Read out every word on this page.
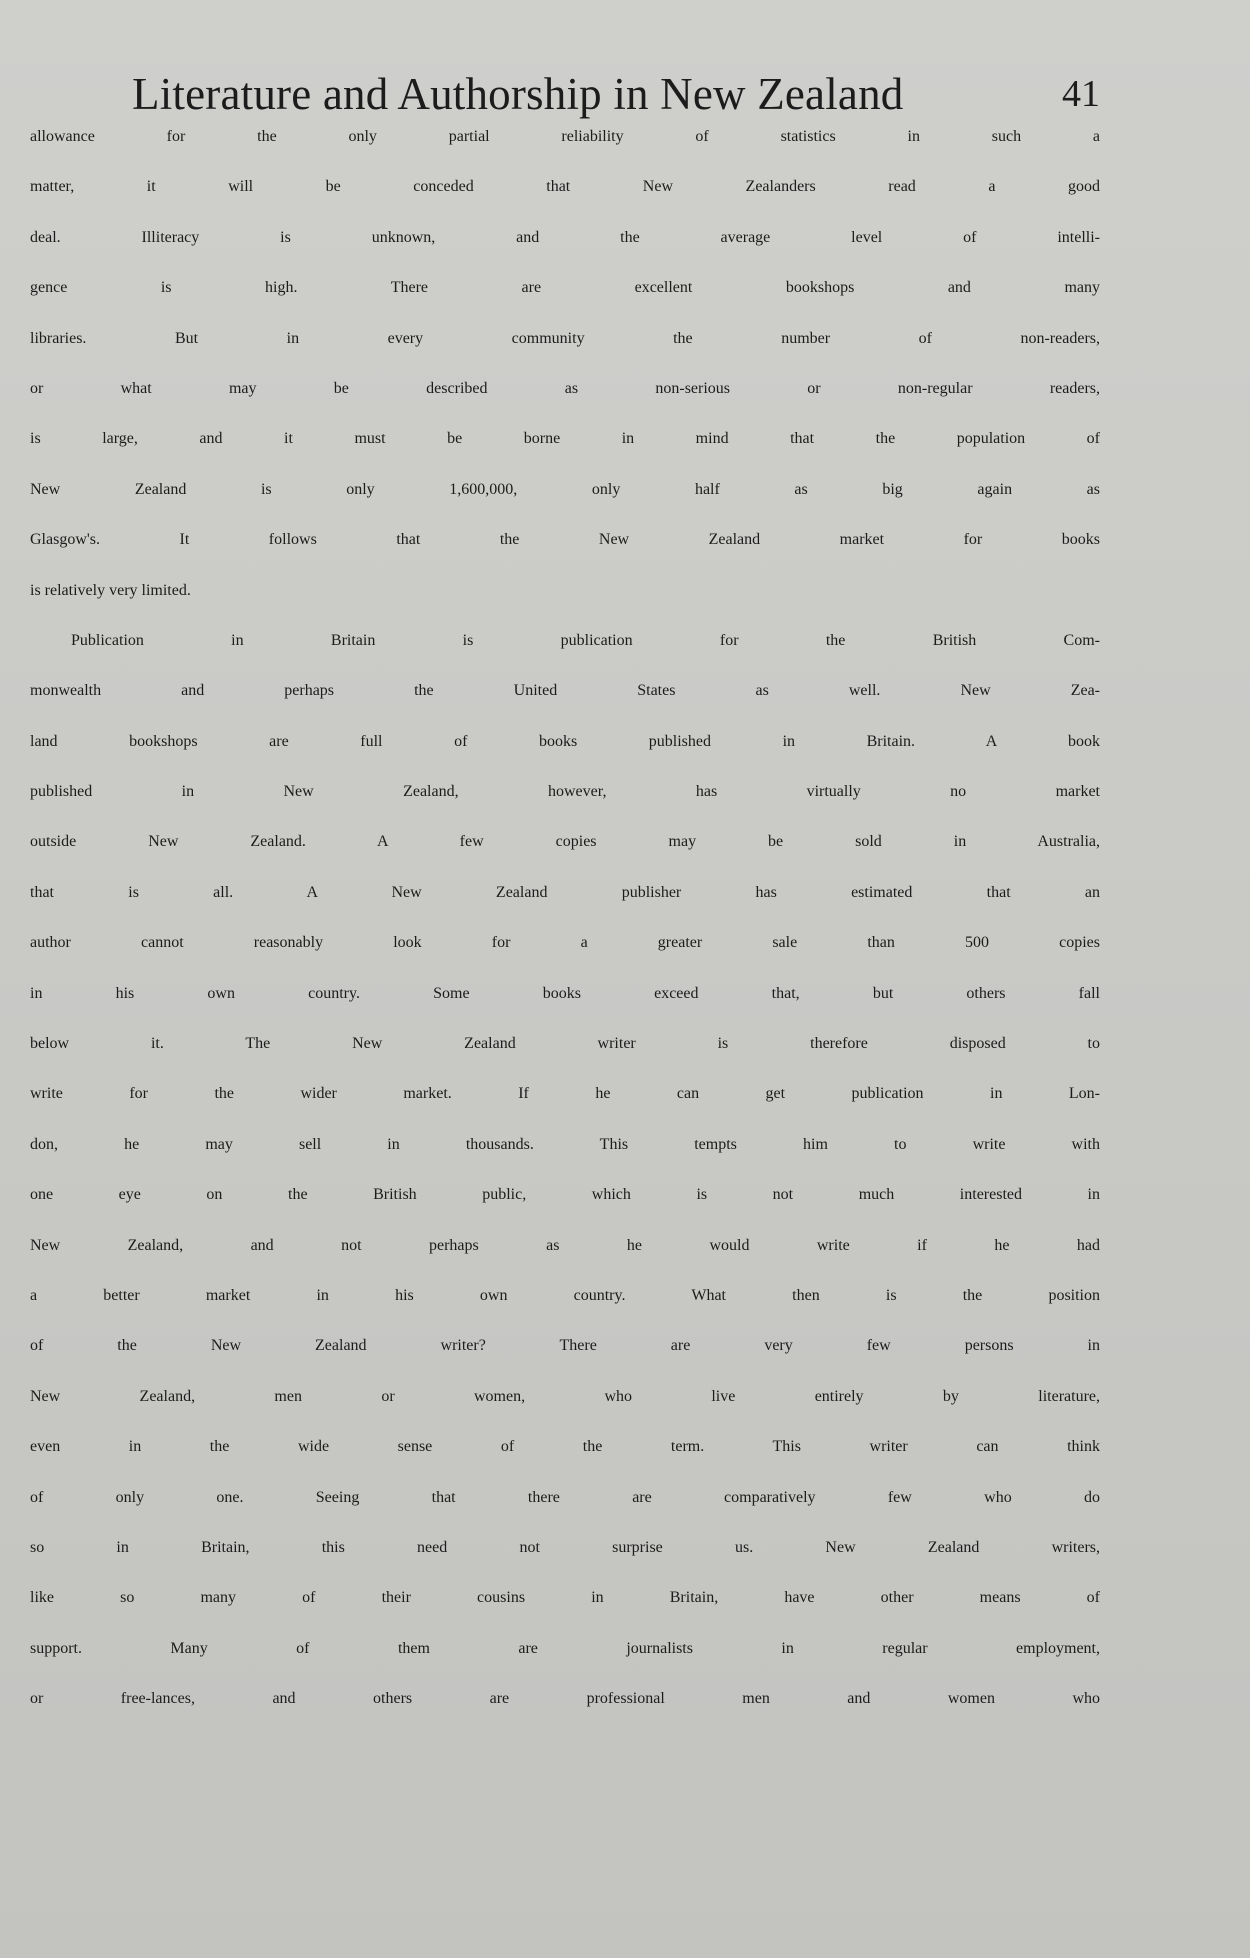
Literature and Authorship in New Zealand	41
allowance for the only partial reliability of statistics in such a
matter, it will be conceded that New Zealanders read a good
deal. Illiteracy is unknown, and the average level of intelli-
gence is high. There are excellent bookshops and many
libraries. But in every community the number of non-readers,
or what may be described as non-serious or non-regular readers,
is large, and it must be borne in mind that the population of
New Zealand is only 1,600,000, only half as big again as
Glasgow's. It follows that the New Zealand market for books
is relatively very limited.
Publication in Britain is publication for the British Com-
monwealth and perhaps the United States as well. New Zea-
land bookshops are full of books published in Britain. A book
published in New Zealand, however, has virtually no market
outside New Zealand. A few copies may be sold in Australia,
that is all. A New Zealand publisher has estimated that an
author cannot reasonably look for a greater sale than 500 copies
in his own country. Some books exceed that, but others fall
below it. The New Zealand writer is therefore disposed to
write for the wider market. If he can get publication in Lon-
don, he may sell in thousands. This tempts him to write with
one eye on the British public, which is not much interested in
New Zealand, and not perhaps as he would write if he had
a better market in his own country. What then is the position
of the New Zealand writer? There are very few persons in
New Zealand, men or women, who live entirely by literature,
even in the wide sense of the term. This writer can think
of only one. Seeing that there are comparatively few who do
so in Britain, this need not surprise us. New Zealand writers,
like so many of their cousins in Britain, have other means of
support. Many of them are journalists in regular employment,
or free-lances, and others are professional men and women who
